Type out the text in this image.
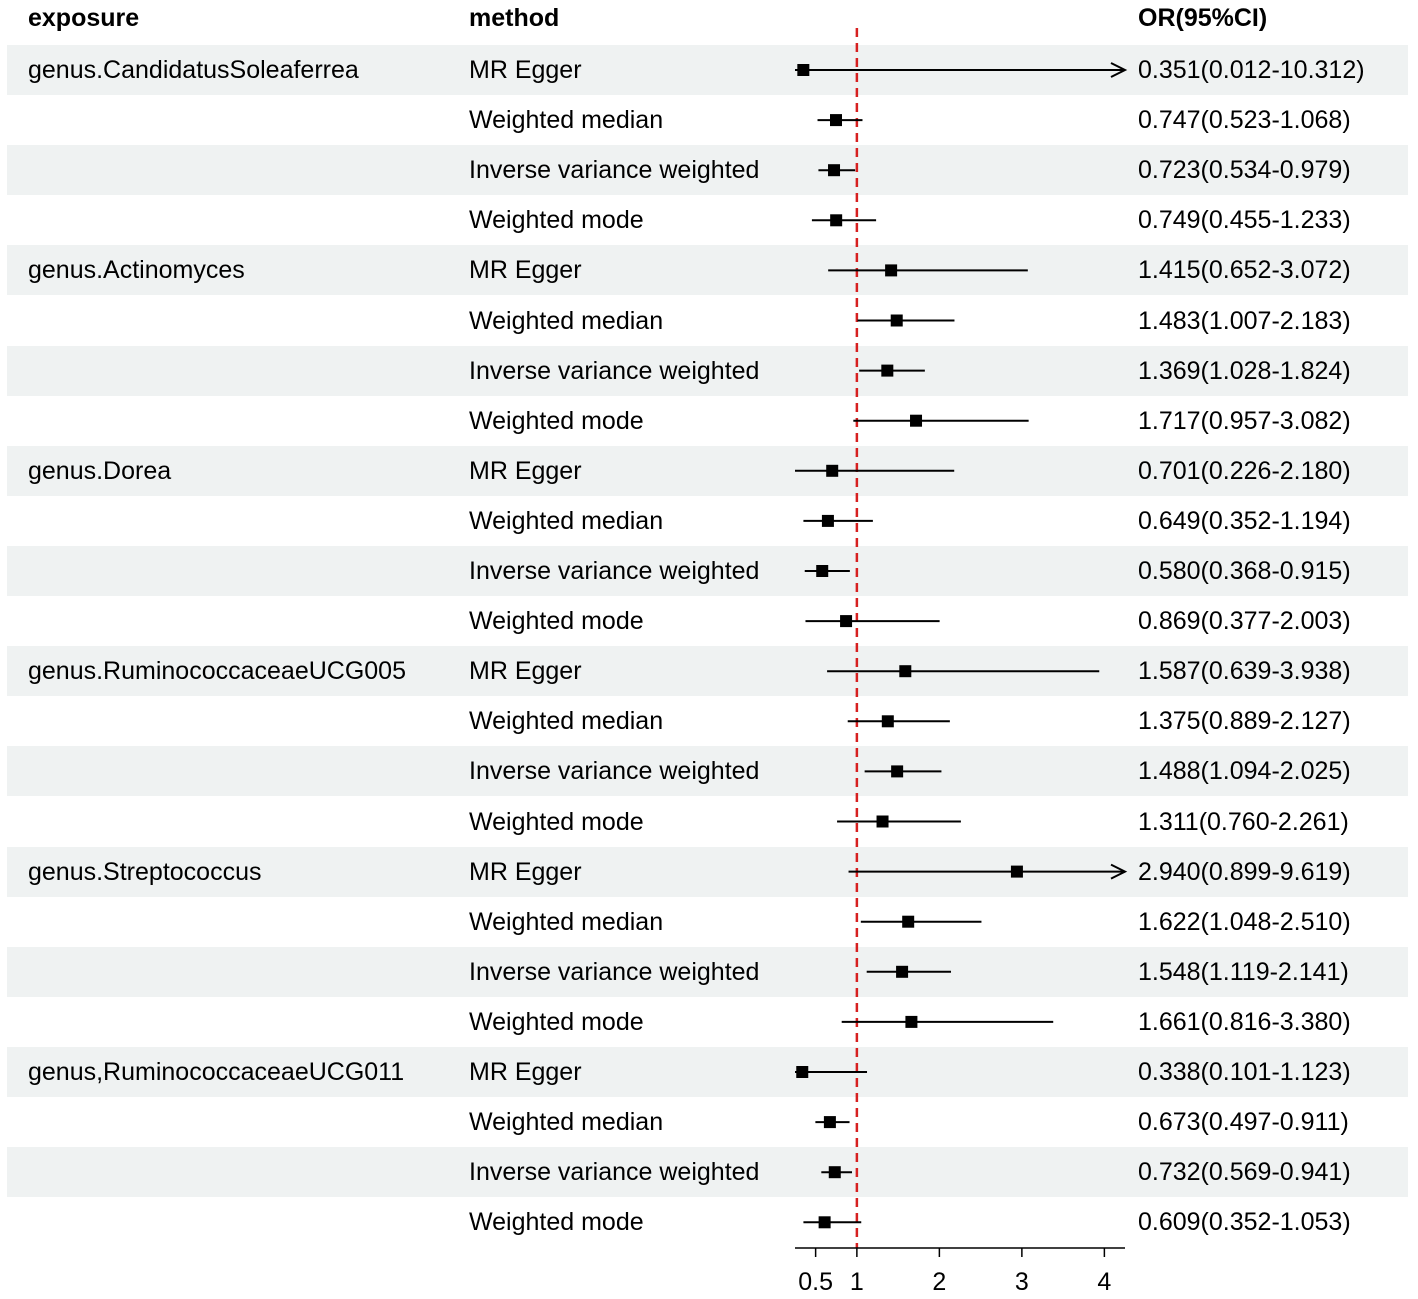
genus.CandidatusSoleaferrea	MR Egger	0.351(0.012-10.312)
Weighted median	0.747(0.523-1.068)
Inverse variance weighted	0.723(0.534-0.979)
Weighted mode	0.749(0.455-1.233)
genus.Actinomyces	MR Egger	1.415(0.652-3.072)
Weighted median	1.483(1.007-2.183)
Inverse variance weighted	1.369(1.028-1.824)
Weighted mode	1.717(0.957-3.082)
genus.Dorea	MR Egger	0.701(0.226-2.180)
Weighted median	0.649(0.352-1.194)
Inverse variance weighted	0.580(0.368-0.915)
Weighted mode	0.869(0.377-2.003)
genus.RuminococcaceaeUCG005	MR Egger	1.587(0.639-3.938)
Weighted median	1.375(0.889-2.127)
Inverse variance weighted	1.488(1.094-2.025)
Weighted mode	1.311(0.760-2.261)
genus.Streptococcus	MR Egger	2.940(0.899-9.619)
Weighted median	1.622(1.048-2.510)
Inverse variance weighted	1.548(1.119-2.141)
Weighted mode	1.661(0.816-3.380)
genus,RuminococcaceaeUCG011	MR Egger	0.338(0.101-1.123)
Weighted median	0.673(0.497-0.911)
Inverse variance weighted	0.732(0.569-0.941)
Weighted mode	0.609(0.352-1.053)
0.5 1	2	3	4
exposure	method	OR(95%CI)
